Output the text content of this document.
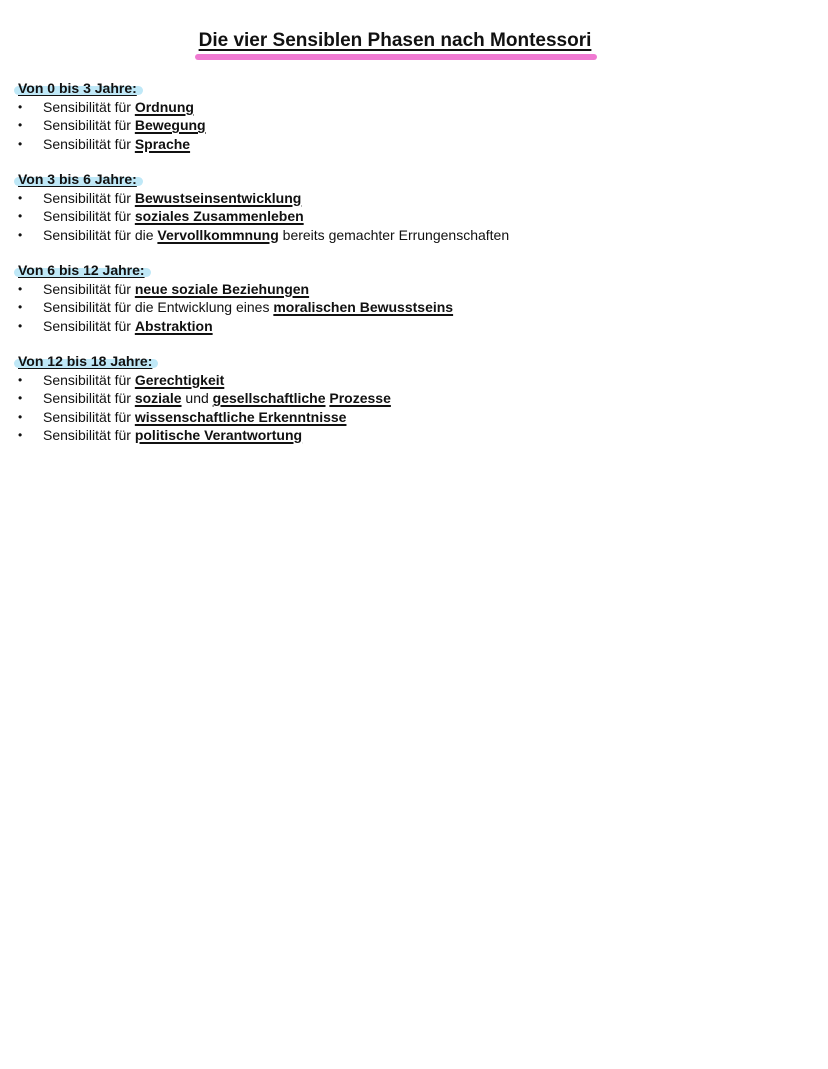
Die vier Sensiblen Phasen nach Montessori
Von 0 bis 3 Jahre:
• Sensibilität für Ordnung
• Sensibilität für Bewegung
• Sensibilität für Sprache
Von 3 bis 6 Jahre:
• Sensibilität für Bewustseinsentwicklung
• Sensibilität für soziales Zusammenleben
• Sensibilität für die Vervollkommnung bereits gemachter Errungenschaften
Von 6 bis 12 Jahre:
• Sensibilität für neue soziale Beziehungen
• Sensibilität für die Entwicklung eines moralischen Bewusstseins
• Sensibilität für Abstraktion
Von 12 bis 18 Jahre:
• Sensibilität für Gerechtigkeit
• Sensibilität für soziale und gesellschaftliche Prozesse
• Sensibilität für wissenschaftliche Erkenntnisse
• Sensibilität für politische Verantwortung
